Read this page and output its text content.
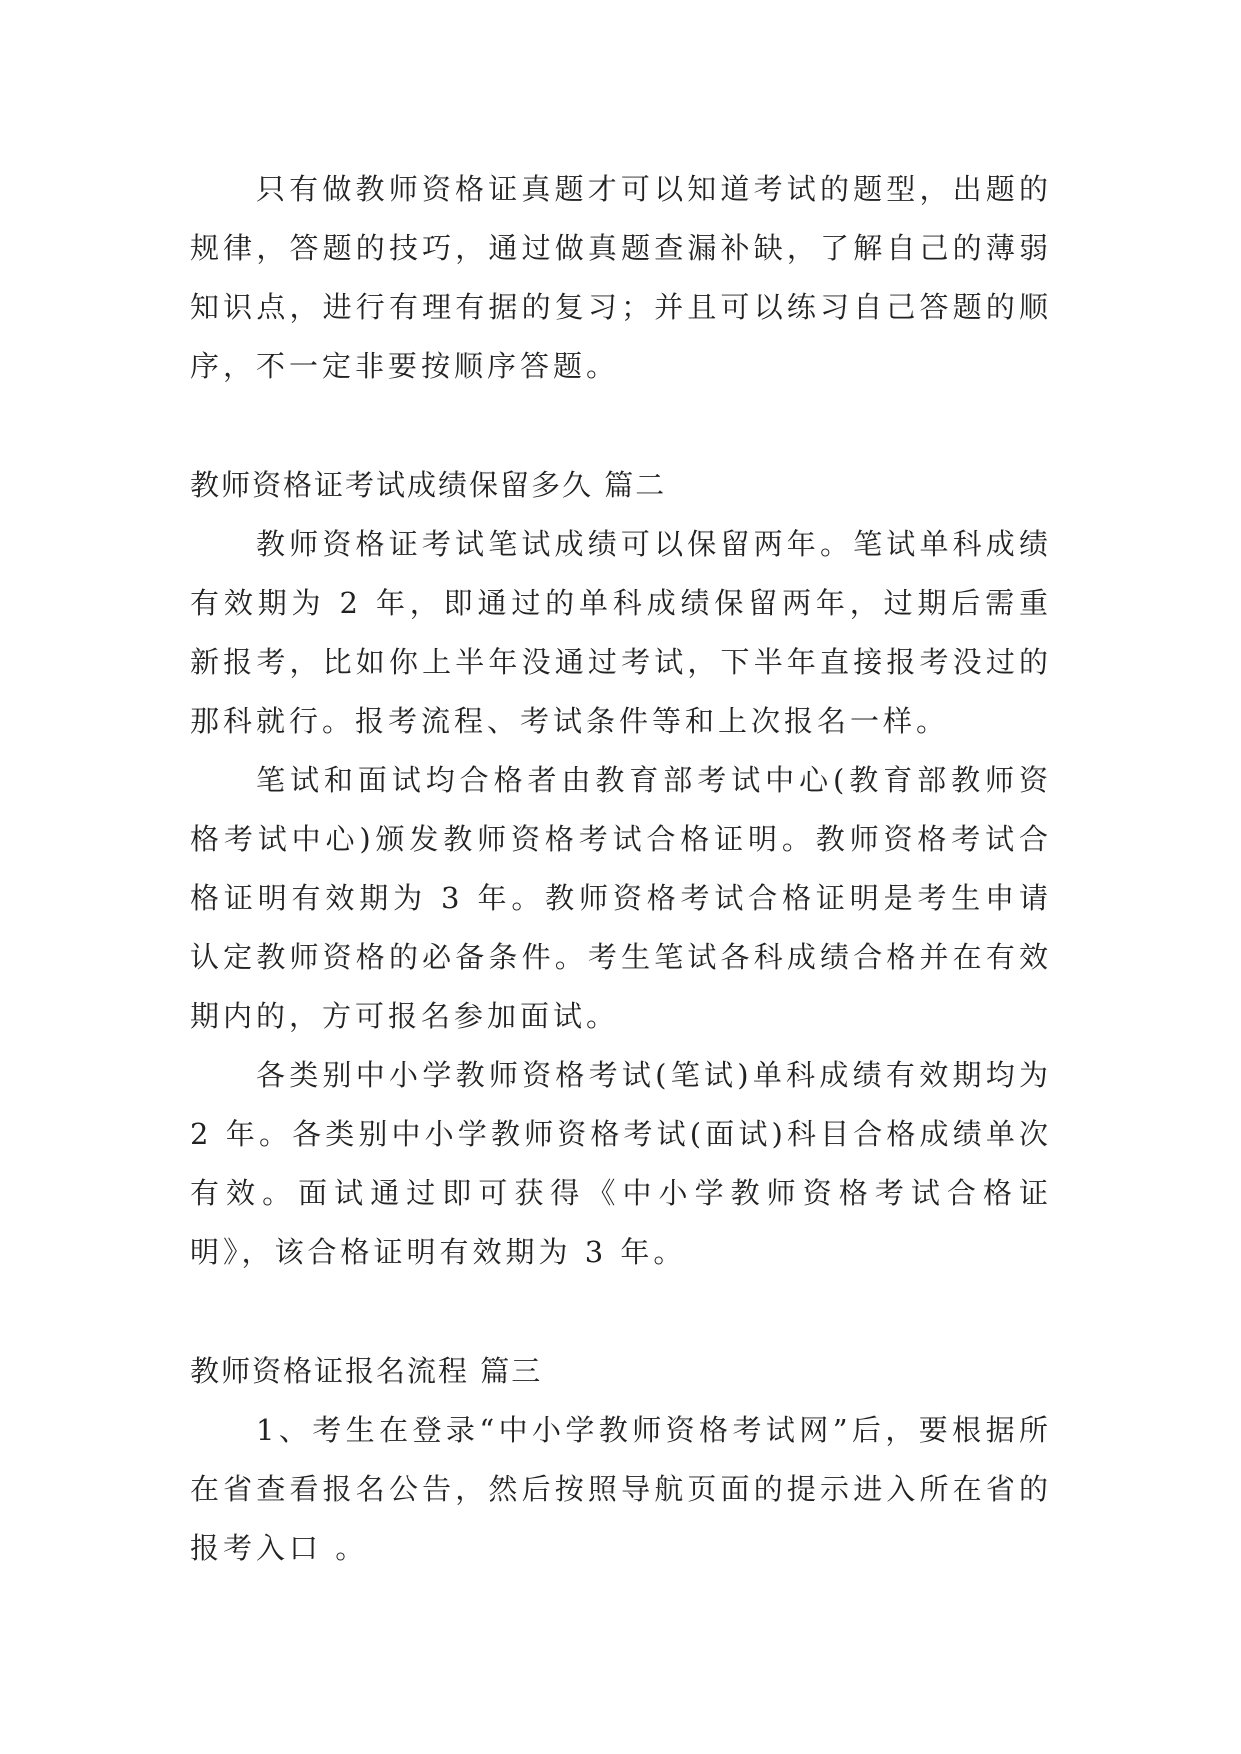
只有做教师资格证真题才可以知道考试的题型，出题的规律，答题的技巧，通过做真题查漏补缺，了解自己的薄弱知识点，进行有理有据的复习；并且可以练习自己答题的顺序，不一定非要按顺序答题。

教师资格证考试成绩保留多久 篇二

教师资格证考试笔试成绩可以保留两年。笔试单科成绩有效期为 2 年，即通过的单科成绩保留两年，过期后需重新报考，比如你上半年没通过考试，下半年直接报考没过的那科就行。报考流程、考试条件等和上次报名一样。

笔试和面试均合格者由教育部考试中心(教育部教师资格考试中心)颁发教师资格考试合格证明。教师资格考试合格证明有效期为 3 年。教师资格考试合格证明是考生申请认定教师资格的必备条件。考生笔试各科成绩合格并在有效期内的，方可报名参加面试。

各类别中小学教师资格考试(笔试)单科成绩有效期均为 2 年。各类别中小学教师资格考试(面试)科目合格成绩单次有效。面试通过即可获得《中小学教师资格考试合格证明》，该合格证明有效期为 3 年。

教师资格证报名流程 篇三

1、考生在登录“中小学教师资格考试网”后，要根据所在省查看报名公告，然后按照导航页面的提示进入所在省的报考入口 。
